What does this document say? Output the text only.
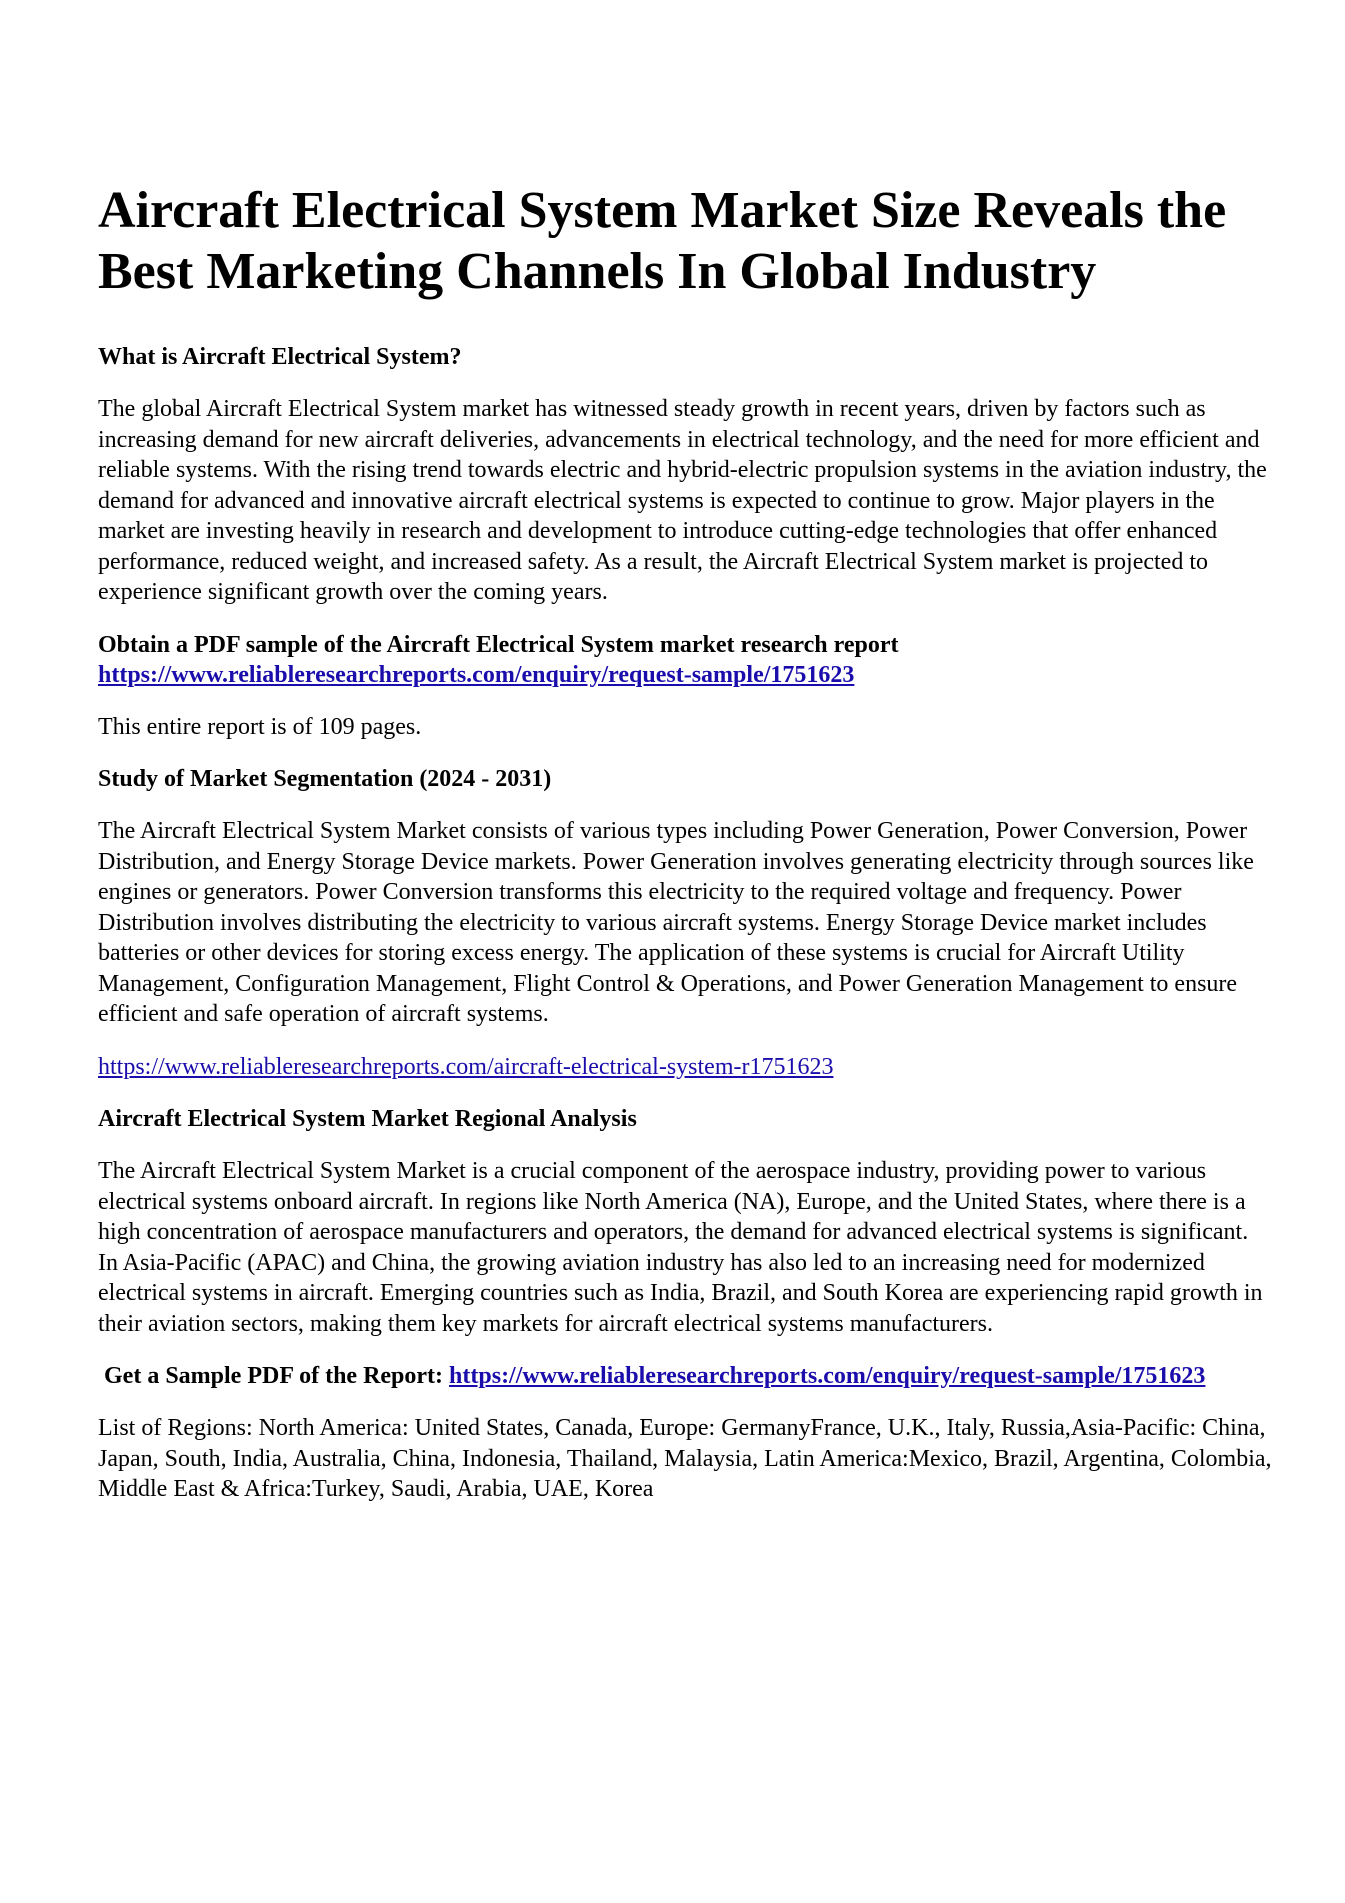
Aircraft Electrical System Market Size Reveals the Best Marketing Channels In Global Industry
What is Aircraft Electrical System?

The global Aircraft Electrical System market has witnessed steady growth in recent years, driven by factors such as increasing demand for new aircraft deliveries, advancements in electrical technology, and the need for more efficient and reliable systems. With the rising trend towards electric and hybrid-electric propulsion systems in the aviation industry, the demand for advanced and innovative aircraft electrical systems is expected to continue to grow. Major players in the market are investing heavily in research and development to introduce cutting-edge technologies that offer enhanced performance, reduced weight, and increased safety. As a result, the Aircraft Electrical System market is projected to experience significant growth over the coming years.

Obtain a PDF sample of the Aircraft Electrical System market research report https://www.reliableresearchreports.com/enquiry/request-sample/1751623

This entire report is of 109 pages.

Study of Market Segmentation (2024 - 2031)

The Aircraft Electrical System Market consists of various types including Power Generation, Power Conversion, Power Distribution, and Energy Storage Device markets. Power Generation involves generating electricity through sources like engines or generators. Power Conversion transforms this electricity to the required voltage and frequency. Power Distribution involves distributing the electricity to various aircraft systems. Energy Storage Device market includes batteries or other devices for storing excess energy. The application of these systems is crucial for Aircraft Utility Management, Configuration Management, Flight Control & Operations, and Power Generation Management to ensure efficient and safe operation of aircraft systems.

https://www.reliableresearchreports.com/aircraft-electrical-system-r1751623

Aircraft Electrical System Market Regional Analysis

The Aircraft Electrical System Market is a crucial component of the aerospace industry, providing power to various electrical systems onboard aircraft. In regions like North America (NA), Europe, and the United States, where there is a high concentration of aerospace manufacturers and operators, the demand for advanced electrical systems is significant. In Asia-Pacific (APAC) and China, the growing aviation industry has also led to an increasing need for modernized electrical systems in aircraft. Emerging countries such as India, Brazil, and South Korea are experiencing rapid growth in their aviation sectors, making them key markets for aircraft electrical systems manufacturers.

Get a Sample PDF of the Report: https://www.reliableresearchreports.com/enquiry/request-sample/1751623

List of Regions: North America: United States, Canada, Europe: GermanyFrance, U.K., Italy, Russia,Asia-Pacific: China, Japan, South, India, Australia, China, Indonesia, Thailand, Malaysia, Latin America:Mexico, Brazil, Argentina, Colombia, Middle East & Africa:Turkey, Saudi, Arabia, UAE, Korea
